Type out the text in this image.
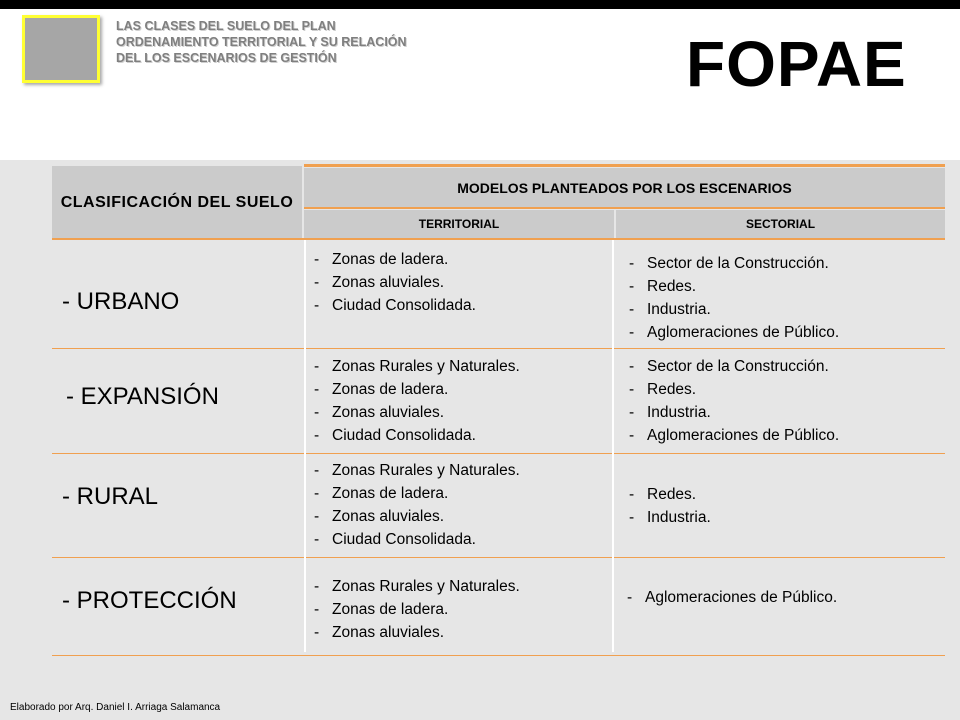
LAS CLASES DEL SUELO DEL PLAN ORDENAMIENTO TERRITORIAL Y SU RELACIÓN DEL LOS ESCENARIOS DE GESTIÓN	FOPAE
CLASIFICACIÓN DEL SUELO
MODELOS PLANTEADOS POR LOS ESCENARIOS
TERRITORIAL	SECTORIAL
- URBANO
- Zonas de ladera.
- Zonas aluviales.
- Ciudad Consolidada.
- Sector de la Construcción.
- Redes.
- Industria.
- Aglomeraciones de Público.
- EXPANSIÓN
- Zonas Rurales y Naturales.
- Zonas de ladera.
- Zonas aluviales.
- Ciudad Consolidada.
- Sector de la Construcción.
- Redes.
- Industria.
- Aglomeraciones de Público.
- RURAL
- Zonas Rurales y Naturales.
- Zonas de ladera.
- Zonas aluviales.
- Ciudad Consolidada.
- Redes.
- Industria.
- PROTECCIÓN
- Zonas Rurales y Naturales.
- Zonas de ladera.
- Zonas aluviales.
- Aglomeraciones de Público.
Elaborado por Arq. Daniel I. Arriaga Salamanca
